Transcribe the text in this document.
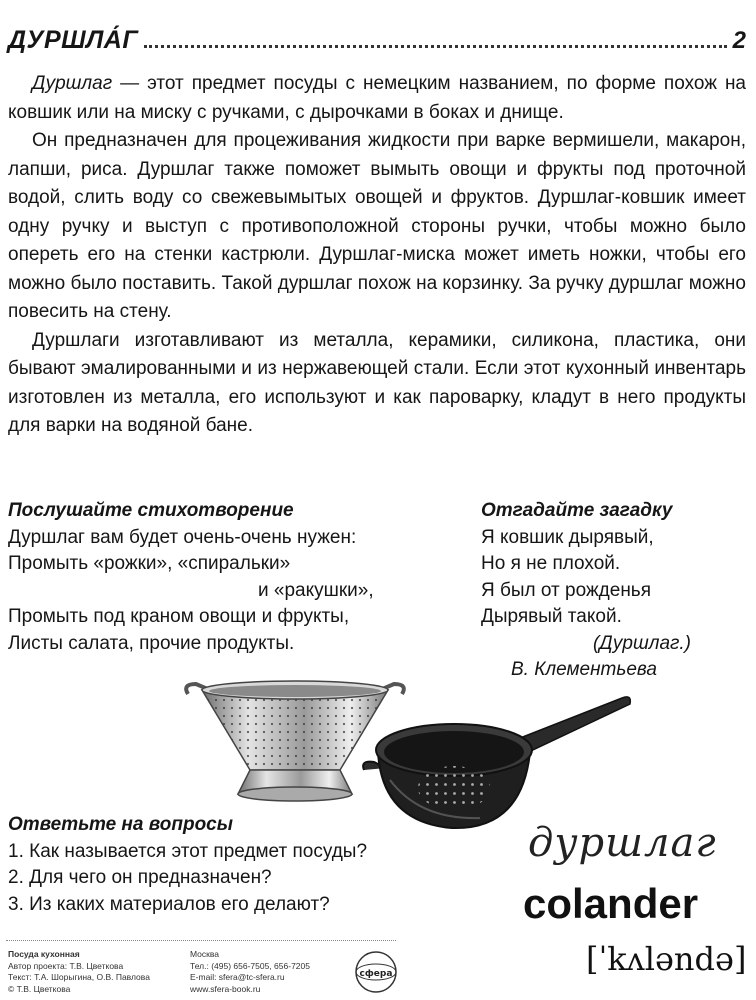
ДУРШЛА́Г	2

Дуршлаг — этот предмет посуды с немецким названием, по форме похож на ковшик или на миску с ручками, с дырочками в боках и днище.

Он предназначен для процеживания жидкости при варке вермишели, макарон, лапши, риса. Дуршлаг также поможет вымыть овощи и фрукты под проточной водой, слить воду со свежевымытых овощей и фруктов. Дуршлаг-ковшик имеет одну ручку и выступ с противоположной стороны ручки, чтобы можно было опереть его на стенки кастрюли. Дуршлаг-миска может иметь ножки, чтобы его можно было поставить. Такой дуршлаг похож на корзинку. За ручку дуршлаг можно повесить на стену.

Дуршлаги изготавливают из металла, керамики, силикона, пластика, они бывают эмалированными и из нержавеющей стали. Если этот кухонный инвентарь изготовлен из металла, его используют и как пароварку, кладут в него продукты для варки на водяной бане.

Послушайте стихотворение
Дуршлаг вам будет очень-очень нужен:
Промыть «рожки», «спиральки»
и «ракушки»,
Промыть под краном овощи и фрукты,
Листы салата, прочие продукты.
Отгадайте загадку
Я ковшик дырявый,
Но я не плохой.
Я был от рожденья
Дырявый такой.
(Дуршлаг.)
В. Клементьева
Ответьте на вопросы
1. Как называется этот предмет посуды?
2. Для чего он предназначен?
3. Из каких материалов его делают?
дуршлаг
colander
[ˈkʌləndə]
Посуда кухонная
Автор проекта: Т.В. Цветкова
Текст: Т.А. Шорыгина, О.В. Павлова
© Т.В. Цветкова
Москва
Тел.: (495) 656-7505, 656-7205
E-mail: sfera@tc-sfera.ru
www.sfera-book.ru
сфера
